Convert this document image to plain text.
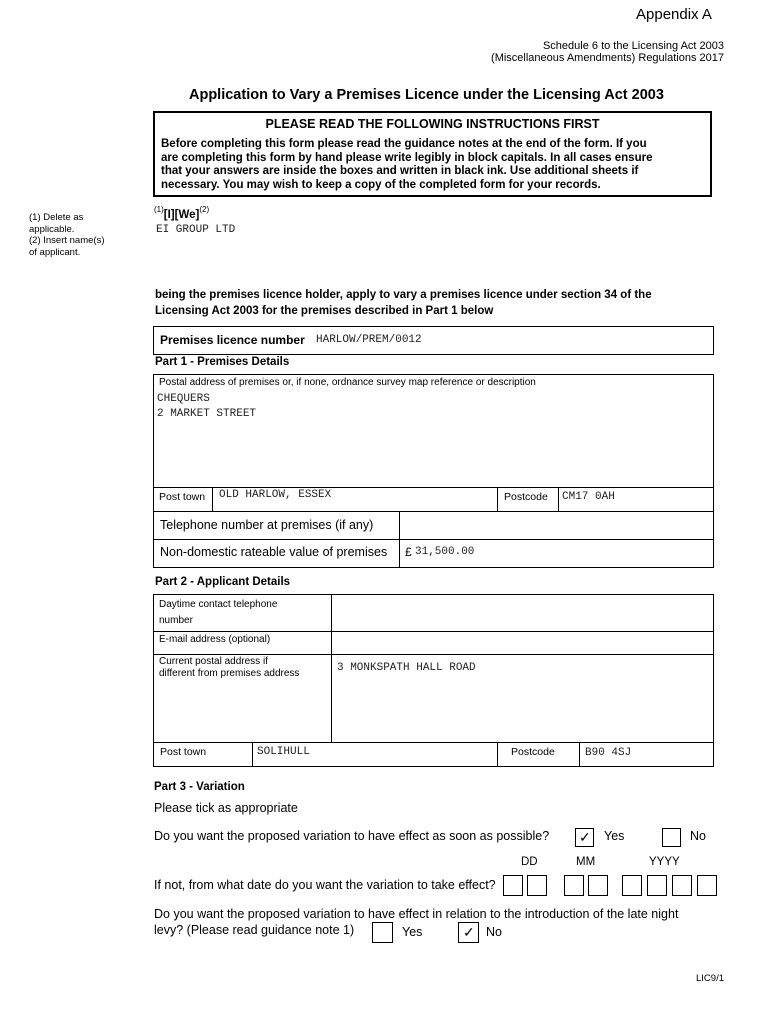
Appendix A
Schedule 6 to the Licensing Act 2003
(Miscellaneous Amendments) Regulations 2017
Application to Vary a Premises Licence under the Licensing Act 2003
PLEASE READ THE FOLLOWING INSTRUCTIONS FIRST
Before completing this form please read the guidance notes at the end of the form. If you
are completing this form by hand please write legibly in block capitals. In all cases ensure
that your answers are inside the boxes and written in black ink. Use additional sheets if
necessary. You may wish to keep a copy of the completed form for your records.
(1) Delete as
applicable.
(2) Insert name(s)
of applicant.
$^{(1)}[I][We]^{(2)}$
EI GROUP LTD
being the premises licence holder, apply to vary a premises licence under section 34 of the
Licensing Act 2003 for the premises described in Part 1 below
Premises licence number HARLOW/PREM/0012
Part 1 - Premises Details
Postal address of premises or, if none, ordnance survey map reference or description
CHEQUERS
2 MARKET STREET
Post town OLD HARLOW, ESSEX	Postcode CM17 0AH
Telephone number at premises (if any)
Non-domestic rateable value of premises £ 31,500.00
Part 2 - Applicant Details
Daytime contact telephone
number
E-mail address (optional)
Current postal address if
different from premises address	3 MONKSPATH HALL ROAD
Post town	SOLIHULL	Postcode	B90 4SJ
Part 3 - Variation
Please tick as appropriate
Do you want the proposed variation to have effect as soon as possible? ✓ Yes	No
DD	MM	YYYY
If not, from what date do you want the variation to take effect?
Do you want the proposed variation to have effect in relation to the introduction of the late night
levy? (Please read guidance note 1)	Yes	✓ No
LIC9/1
